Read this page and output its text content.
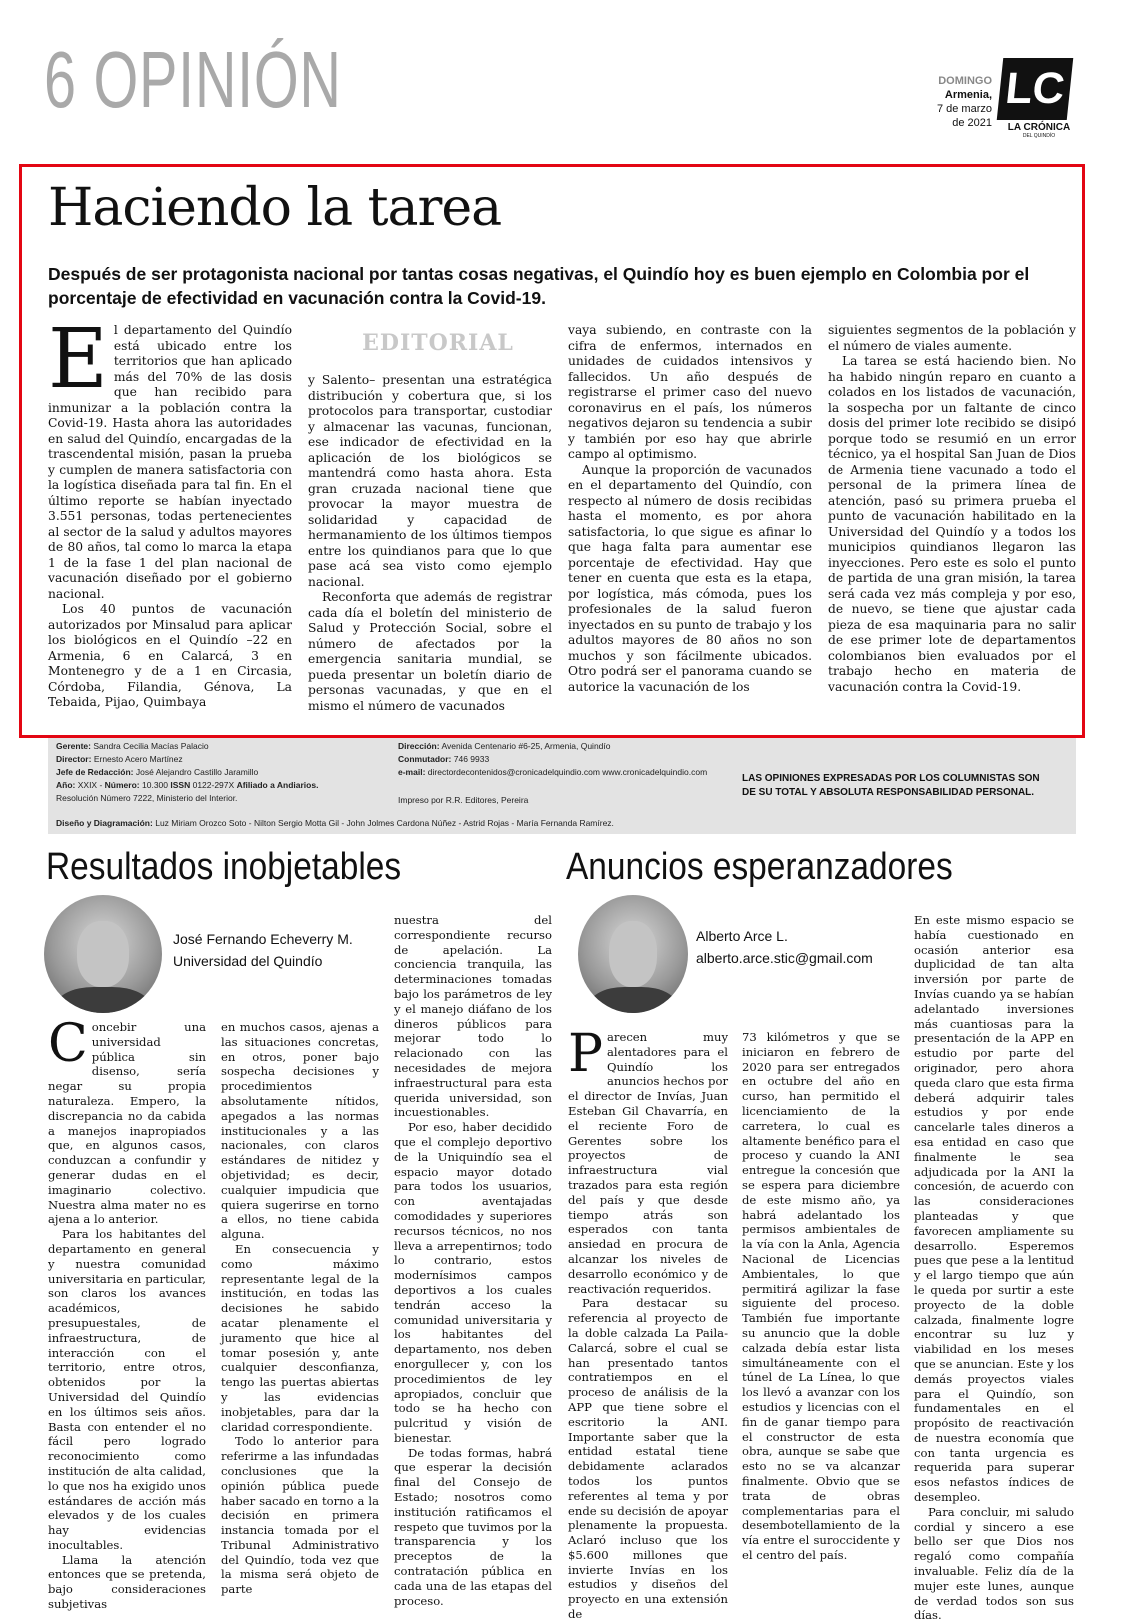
6 OPINIÓN	DOMINGO
Armenia,
7 de marzo
de 2021
LC
LA CRÓNICA
DEL QUINDÍO
Haciendo la tarea
Después de ser protagonista nacional por tantas cosas negativas, el Quindío hoy es buen ejemplo en Colombia por el porcentaje de efectividad en vacunación contra la Covid-19.
EDITORIAL

El departamento del Quindío está ubicado entre los territorios que han aplicado más del 70% de las dosis que han recibido para inmunizar a la población contra la Covid-19. Hasta ahora las autoridades en salud del Quindío, encargadas de la trascendental misión, pasan la prueba y cumplen de manera satisfactoria con la logística diseñada para tal fin. En el último reporte se habían inyectado 3.551 personas, todas pertenecientes al sector de la salud y adultos mayores de 80 años, tal como lo marca la etapa 1 de la fase 1 del plan nacional de vacunación diseñado por el gobierno nacional.

Los 40 puntos de vacunación autorizados por Minsalud para aplicar los biológicos en el Quindío –22 en Armenia, 6 en Calarcá, 3 en Montenegro y de a 1 en Circasia, Córdoba, Filandia, Génova, La Tebaida, Pijao, Quimbaya

y Salento– presentan una estratégica distribución y cobertura que, si los protocolos para transportar, custodiar y almacenar las vacunas, funcionan, ese indicador de efectividad en la aplicación de los biológicos se mantendrá como hasta ahora. Esta gran cruzada nacional tiene que provocar la mayor muestra de solidaridad y capacidad de hermanamiento de los últimos tiempos entre los quindianos para que lo que pase acá sea visto como ejemplo nacional.

Reconforta que además de registrar cada día el boletín del ministerio de Salud y Protección Social, sobre el número de afectados por la emergencia sanitaria mundial, se pueda presentar un boletín diario de personas vacunadas, y que en el mismo el número de vacunados

vaya subiendo, en contraste con la cifra de enfermos, internados en unidades de cuidados intensivos y fallecidos. Un año después de registrarse el primer caso del nuevo coronavirus en el país, los números negativos dejaron su tendencia a subir y también por eso hay que abrirle campo al optimismo.

Aunque la proporción de vacunados en el departamento del Quindío, con respecto al número de dosis recibidas hasta el momento, es por ahora satisfactoria, lo que sigue es afinar lo que haga falta para aumentar ese porcentaje de efectividad. Hay que tener en cuenta que esta es la etapa, por logística, más cómoda, pues los profesionales de la salud fueron inyectados en su punto de trabajo y los adultos mayores de 80 años no son muchos y son fácilmente ubicados. Otro podrá ser el panorama cuando se autorice la vacunación de los

siguientes segmentos de la población y el número de viales aumente.

La tarea se está haciendo bien. No ha habido ningún reparo en cuanto a colados en los listados de vacunación, la sospecha por un faltante de cinco dosis del primer lote recibido se disipó porque todo se resumió en un error técnico, ya el hospital San Juan de Dios de Armenia tiene vacunado a todo el personal de la primera línea de atención, pasó su primera prueba el punto de vacunación habilitado en la Universidad del Quindío y a todos los municipios quindianos llegaron las inyecciones. Pero este es solo el punto de partida de una gran misión, la tarea será cada vez más compleja y por eso, de nuevo, se tiene que ajustar cada pieza de esa maquinaria para no salir de ese primer lote de departamentos colombianos bien evaluados por el trabajo hecho en materia de vacunación contra la Covid-19.

Gerente: Sandra Cecilia Macías Palacio
Director: Ernesto Acero Martínez
Jefe de Redacción: José Alejandro Castillo Jaramillo
Año: XXIX - Número: 10.300 ISSN 0122-297X Afiliado a Andiarios.
Resolución Número 7222, Ministerio del Interior.
Dirección: Avenida Centenario #6-25, Armenia, Quindío
Conmutador: 746 9933
e-mail: directordecontenidos@cronicadelquindio.com www.cronicadelquindio.com
Impreso por R.R. Editores, Pereira
Diseño y Diagramación: Luz Miriam Orozco Soto - Nilton Sergio Motta Gil - John Jolmes Cardona Núñez - Astrid Rojas - María Fernanda Ramírez.
LAS OPINIONES EXPRESADAS POR LOS COLUMNISTAS SON DE SU TOTAL Y ABSOLUTA RESPONSABILIDAD PERSONAL.
Resultados inobjetables
José Fernando Echeverry M.
Universidad del Quindío

Concebir una universidad pública sin disenso, sería negar su propia naturaleza. Empero, la discrepancia no da cabida a manejos inapropiados que, en algunos casos, conduzcan a confundir y generar dudas en el imaginario colectivo. Nuestra alma mater no es ajena a lo anterior.

Para los habitantes del departamento en general y nuestra comunidad universitaria en particular, son claros los avances académicos, presupuestales, de infraestructura, de interacción con el territorio, entre otros, obtenidos por la Universidad del Quindío en los últimos seis años. Basta con entender el no fácil pero logrado reconocimiento como institución de alta calidad, lo que nos ha exigido unos estándares de acción más elevados y de los cuales hay evidencias inocultables.

Llama la atención entonces que se pretenda, bajo consideraciones subjetivas

en muchos casos, ajenas a las situaciones concretas, en otros, poner bajo sospecha decisiones y procedimientos absolutamente nítidos, apegados a las normas institucionales y a las nacionales, con claros estándares de nitidez y objetividad; es decir, cualquier impudicia que quiera sugerirse en torno a ellos, no tiene cabida alguna.

En consecuencia y como máximo representante legal de la institución, en todas las decisiones he sabido acatar plenamente el juramento que hice al tomar posesión y, ante cualquier desconfianza, tengo las puertas abiertas y las evidencias inobjetables, para dar la claridad correspondiente.

Todo lo anterior para referirme a las infundadas conclusiones que la opinión pública puede haber sacado en torno a la decisión en primera instancia tomada por el Tribunal Administrativo del Quindío, toda vez que la misma será objeto de parte

nuestra del correspondiente recurso de apelación. La conciencia tranquila, las determinaciones tomadas bajo los parámetros de ley y el manejo diáfano de los dineros públicos para mejorar todo lo relacionado con las necesidades de mejora infraestructural para esta querida universidad, son incuestionables.

Por eso, haber decidido que el complejo deportivo de la Uniquindío sea el espacio mayor dotado para todos los usuarios, con aventajadas comodidades y superiores recursos técnicos, no nos lleva a arrepentirnos; todo lo contrario, estos modernísimos campos deportivos a los cuales tendrán acceso la comunidad universitaria y los habitantes del departamento, nos deben enorgullecer y, con los procedimientos de ley apropiados, concluir que todo se ha hecho con pulcritud y visión de bienestar.

De todas formas, habrá que esperar la decisión final del Consejo de Estado; nosotros como institución ratificamos el respeto que tuvimos por la transparencia y los preceptos de la contratación pública en cada una de las etapas del proceso.

Anuncios esperanzadores
Alberto Arce L.
alberto.arce.stic@gmail.com

Parecen muy alentadores para el Quindío los anuncios hechos por el director de Invías, Juan Esteban Gil Chavarría, en el reciente Foro de Gerentes sobre los proyectos de infraestructura vial trazados para esta región del país y que desde tiempo atrás son esperados con tanta ansiedad en procura de alcanzar los niveles de desarrollo económico y de reactivación requeridos.

Para destacar su referencia al proyecto de la doble calzada La Paila-Calarcá, sobre el cual se han presentado tantos contratiempos en el proceso de análisis de la APP que tiene sobre el escritorio la ANI. Importante saber que la entidad estatal tiene debidamente aclarados todos los puntos referentes al tema y por ende su decisión de apoyar plenamente la propuesta. Aclaró incluso que los $5.600 millones que invierte Invías en los estudios y diseños del proyecto en una extensión de

73 kilómetros y que se iniciaron en febrero de 2020 para ser entregados en octubre del año en curso, han permitido el licenciamiento de la carretera, lo cual es altamente benéfico para el proceso y cuando la ANI entregue la concesión que se espera para diciembre de este mismo año, ya habrá adelantado los permisos ambientales de la vía con la Anla, Agencia Nacional de Licencias Ambientales, lo que permitirá agilizar la fase siguiente del proceso. También fue importante su anuncio que la doble calzada debía estar lista simultáneamente con el túnel de La Línea, lo que los llevó a avanzar con los estudios y licencias con el fin de ganar tiempo para el constructor de esta obra, aunque se sabe que esto no se va alcanzar finalmente. Obvio que se trata de obras complementarias para el desembotellamiento de la vía entre el suroccidente y el centro del país.

En este mismo espacio se había cuestionado en ocasión anterior esa duplicidad de tan alta inversión por parte de Invías cuando ya se habían adelantado inversiones más cuantiosas para la presentación de la APP en estudio por parte del originador, pero ahora queda claro que esta firma deberá adquirir tales estudios y por ende cancelarle tales dineros a esa entidad en caso que finalmente le sea adjudicada por la ANI la concesión, de acuerdo con las consideraciones planteadas y que favorecen ampliamente su desarrollo. Esperemos pues que pese a la lentitud y el largo tiempo que aún le queda por surtir a este proyecto de la doble calzada, finalmente logre encontrar su luz y viabilidad en los meses que se anuncian. Este y los demás proyectos viales para el Quindío, son fundamentales en el propósito de reactivación de nuestra economía que con tanta urgencia es requerida para superar esos nefastos índices de desempleo.

Para concluir, mi saludo cordial y sincero a ese bello ser que Dios nos regaló como compañía invaluable. Feliz día de la mujer este lunes, aunque de verdad todos son sus días.
